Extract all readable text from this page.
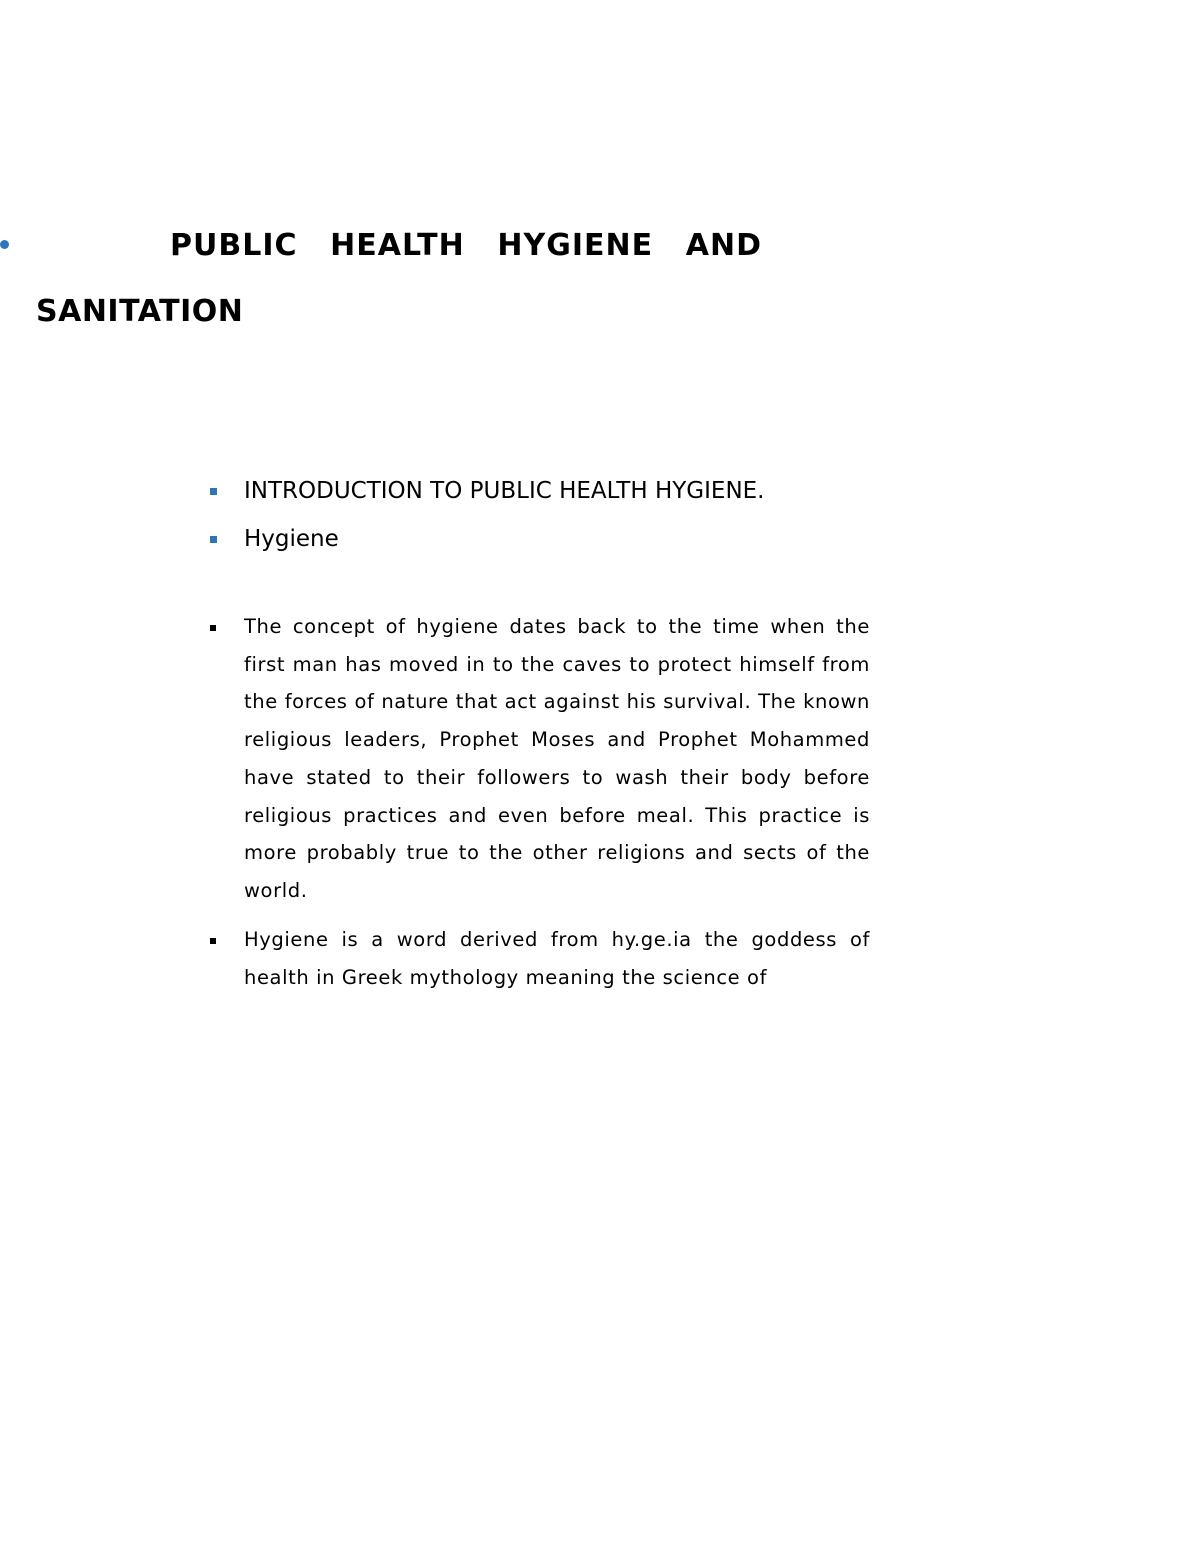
PUBLIC HEALTH HYGIENE AND
SANITATION
INTRODUCTION TO PUBLIC HEALTH HYGIENE.
Hygiene
The concept of hygiene dates back to the time when the first man has moved in to the caves to protect himself from the forces of nature that act against his survival. The known religious leaders, Prophet Moses and Prophet Mohammed have stated to their followers to wash their body before religious practices and even before meal. This practice is more probably true to the other religions and sects of the world.
Hygiene is a word derived from hy.ge.ia the goddess of health in Greek mythology meaning the science of
